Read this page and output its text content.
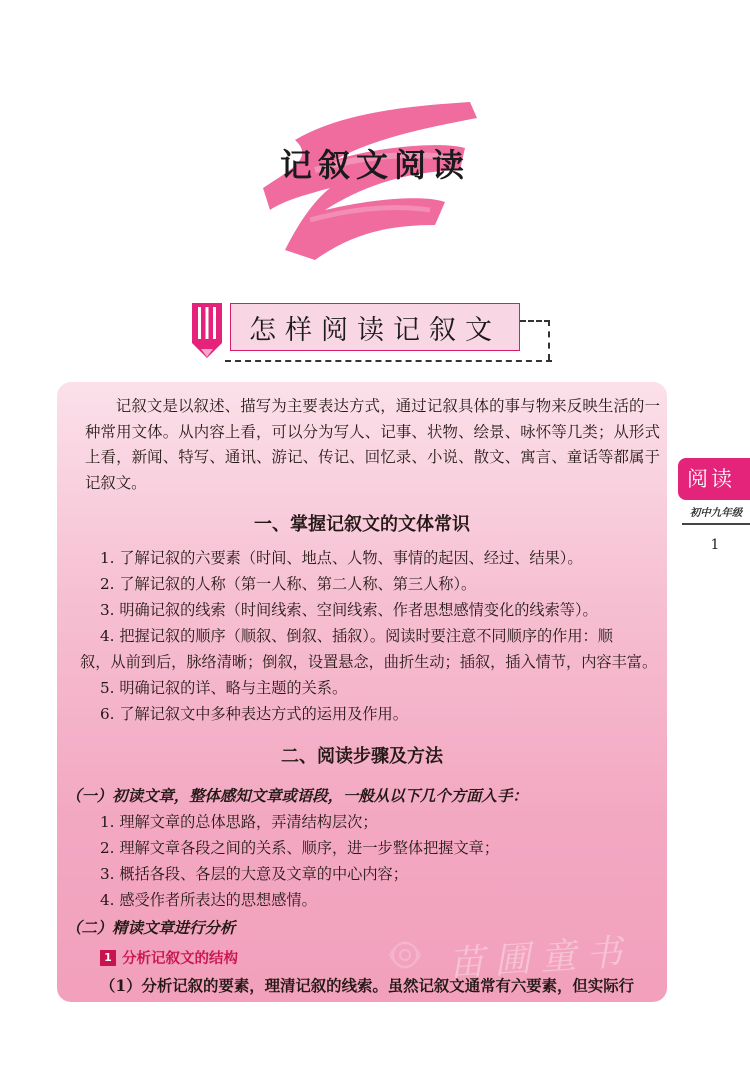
记叙文阅读
怎样阅读记叙文
记叙文是以叙述、描写为主要表达方式，通过记叙具体的事与物来反映生活的一种常用文体。从内容上看，可以分为写人、记事、状物、绘景、咏怀等几类；从形式上看，新闻、特写、通讯、游记、传记、回忆录、小说、散文、寓言、童话等都属于记叙文。
一、掌握记叙文的文体常识
1. 了解记叙的六要素（时间、地点、人物、事情的起因、经过、结果）。
2. 了解记叙的人称（第一人称、第二人称、第三人称）。
3. 明确记叙的线索（时间线索、空间线索、作者思想感情变化的线索等）。
4. 把握记叙的顺序（顺叙、倒叙、插叙）。阅读时要注意不同顺序的作用：顺
叙，从前到后，脉络清晰；倒叙，设置悬念，曲折生动；插叙，插入情节，内容丰富。
5. 明确记叙的详、略与主题的关系。
6. 了解记叙文中多种表达方式的运用及作用。
二、阅读步骤及方法
（一）初读文章，整体感知文章或语段，一般从以下几个方面入手：
1. 理解文章的总体思路，弄清结构层次；
2. 理解文章各段之间的关系、顺序，进一步整体把握文章；
3. 概括各段、各层的大意及文章的中心内容；
4. 感受作者所表达的思想感情。
（二）精读文章进行分析
1 分析记叙文的结构
（1）分析记叙的要素，理清记叙的线索。虽然记叙文通常有六要素，但实际行
阅读
初中九年级
1
苗圃童书
